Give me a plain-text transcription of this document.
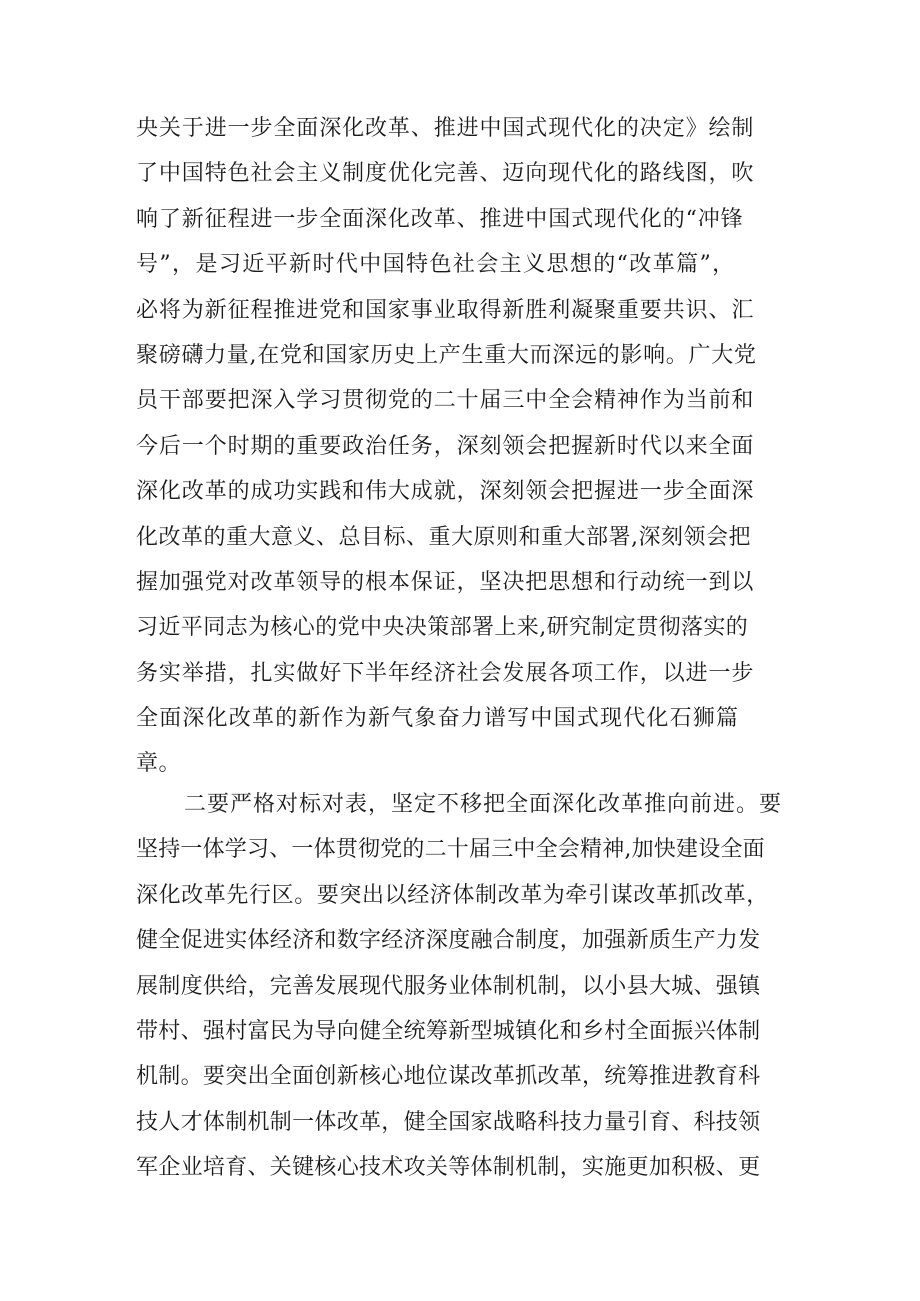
央关于进一步全面深化改革、推进中国式现代化的决定》绘制
了中国特色社会主义制度优化完善、迈向现代化的路线图，吹
响了新征程进一步全面深化改革、推进中国式现代化的“冲锋
号”，是习近平新时代中国特色社会主义思想的“改革篇”，
必将为新征程推进党和国家事业取得新胜利凝聚重要共识、汇
聚磅礴力量,在党和国家历史上产生重大而深远的影响。广大党
员干部要把深入学习贯彻党的二十届三中全会精神作为当前和
今后一个时期的重要政治任务，深刻领会把握新时代以来全面
深化改革的成功实践和伟大成就，深刻领会把握进一步全面深
化改革的重大意义、总目标、重大原则和重大部署,深刻领会把
握加强党对改革领导的根本保证，坚决把思想和行动统一到以
习近平同志为核心的党中央决策部署上来,研究制定贯彻落实的
务实举措，扎实做好下半年经济社会发展各项工作，以进一步
全面深化改革的新作为新气象奋力谱写中国式现代化石狮篇
章。
二要严格对标对表，坚定不移把全面深化改革推向前进。要
坚持一体学习、一体贯彻党的二十届三中全会精神,加快建设全面
深化改革先行区。要突出以经济体制改革为牵引谋改革抓改革，
健全促进实体经济和数字经济深度融合制度，加强新质生产力发
展制度供给，完善发展现代服务业体制机制，以小县大城、强镇
带村、强村富民为导向健全统筹新型城镇化和乡村全面振兴体制
机制。要突出全面创新核心地位谋改革抓改革，统筹推进教育科
技人才体制机制一体改革，健全国家战略科技力量引育、科技领
军企业培育、关键核心技术攻关等体制机制，实施更加积极、更
